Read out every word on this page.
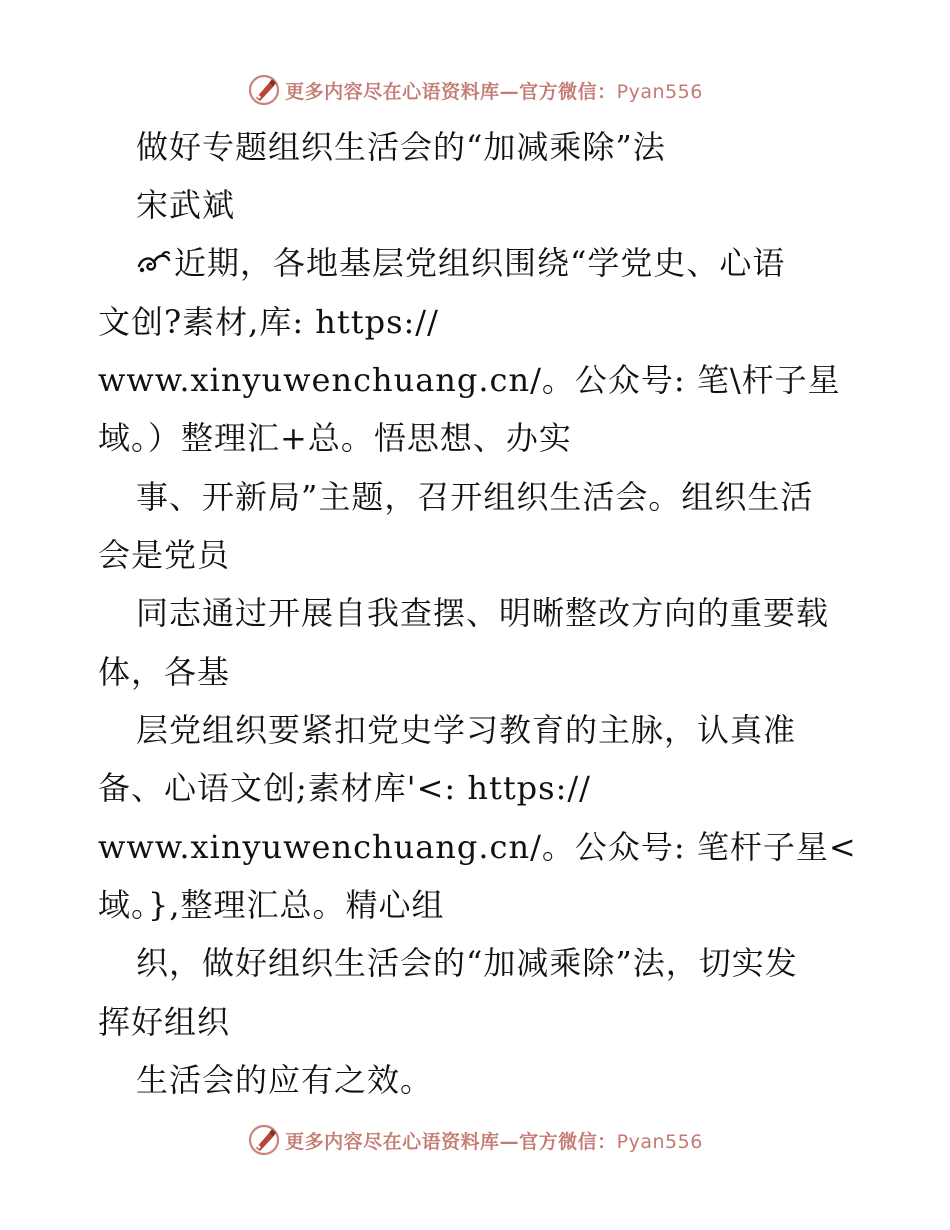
更多内容尽在心语资料库—官方微信：Pyan556
做好专题组织生活会的“加减乘除”法
宋武斌
近期，各地基层党组织围绕“学党史、心语
文创?素材,库: https://
www.xinyuwenchuang.cn/。公众号: 笔\杆子星
域。）整理汇+总。悟思想、办实
事、开新局”主题，召开组织生活会。组织生活
会是党员
同志通过开展自我查摆、明晰整改方向的重要载
体，各基
层党组织要紧扣党史学习教育的主脉，认真准
备、心语文创;素材库'<: https://
www.xinyuwenchuang.cn/。公众号: 笔杆子星<
域。},整理汇总。精心组
织，做好组织生活会的“加减乘除”法，切实发
挥好组织
生活会的应有之效。
更多内容尽在心语资料库—官方微信：Pyan556
